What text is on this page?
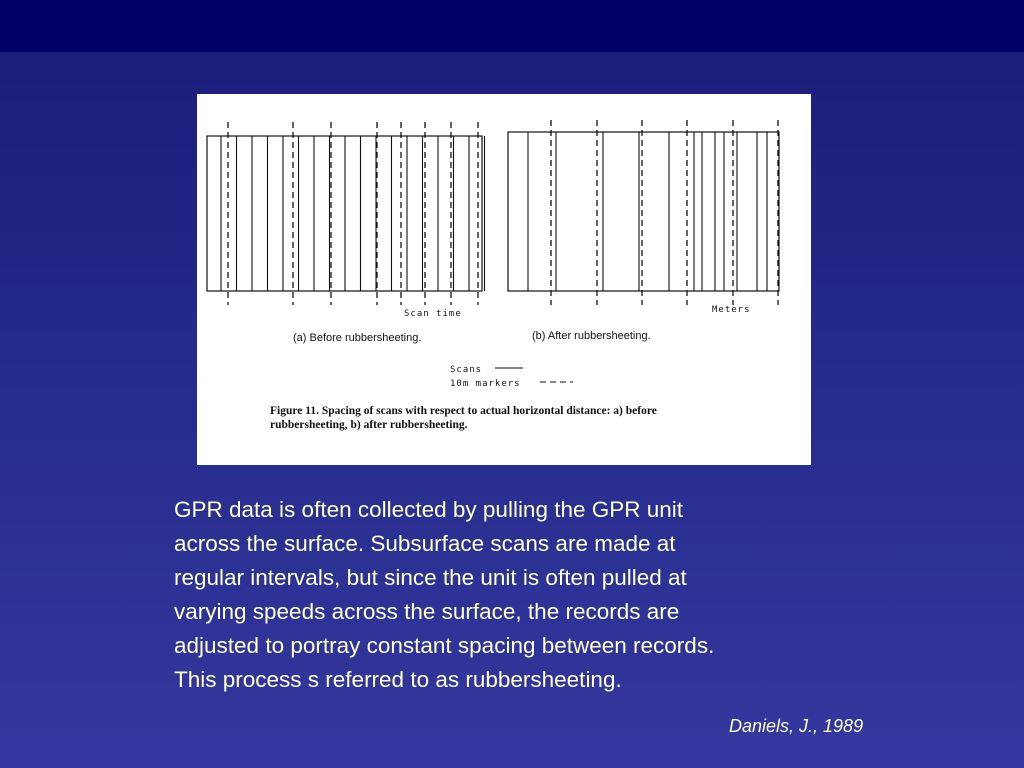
Scan time	Meters
(a) Before rubbersheeting.	(b) After rubbersheeting.
Scans
10m markers
Figure 11. Spacing of scans with respect to actual horizontal distance: a) before
rubbersheeting, b) after rubbersheeting.
GPR data is often collected by pulling the GPR unit
across the surface. Subsurface scans are made at
regular intervals, but since the unit is often pulled at
varying speeds across the surface, the records are
adjusted to portray constant spacing between records.
This process s referred to as rubbersheeting.
Daniels, J., 1989
